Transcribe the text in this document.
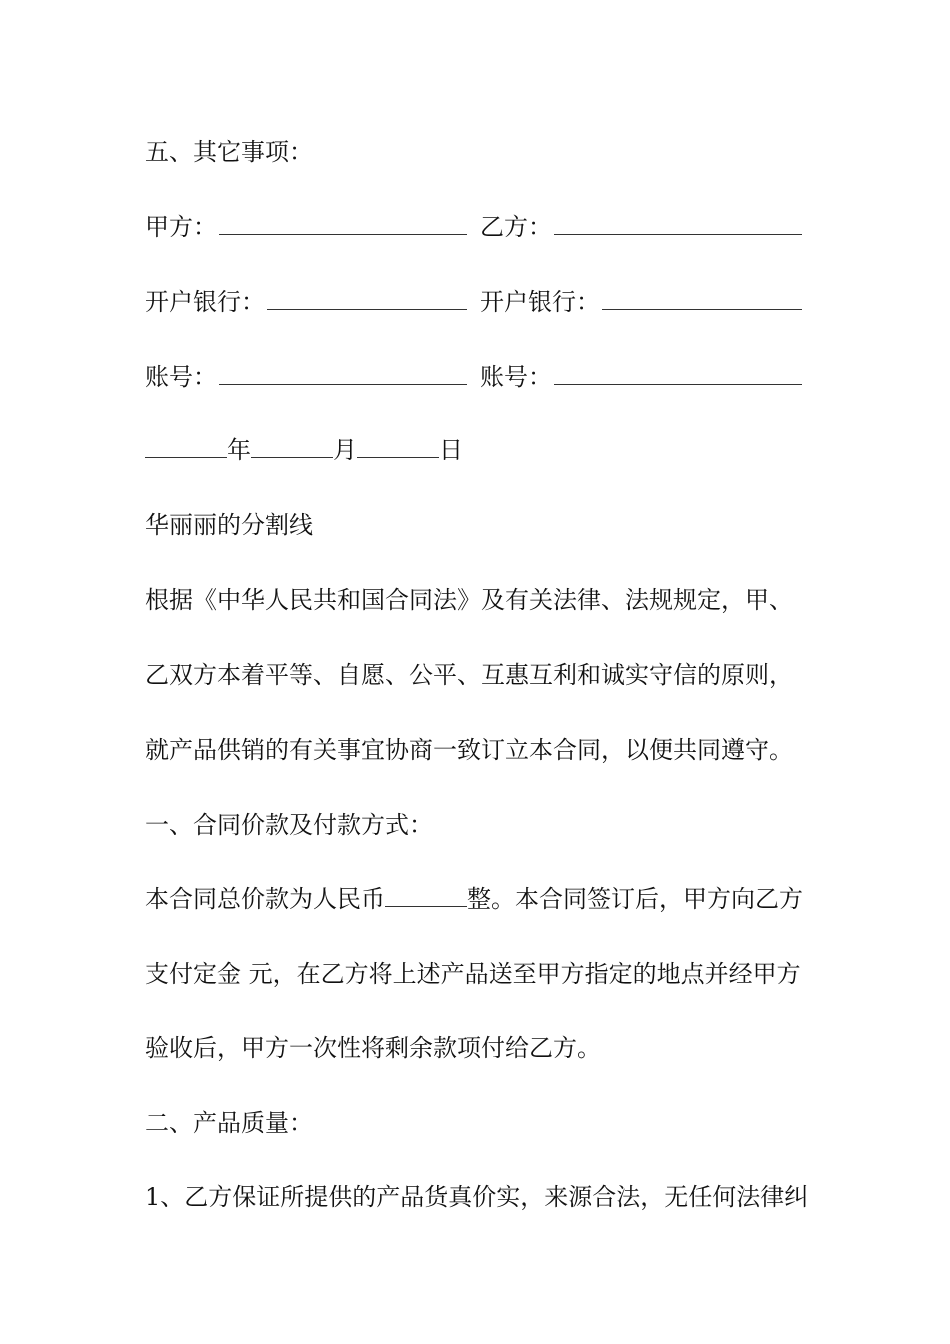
五、其它事项：
甲方：	乙方：
开户银行：	开户银行：
账号：	账号：
年	月	日
华丽丽的分割线
根据《中华人民共和国合同法》及有关法律、法规规定，甲、
乙双方本着平等、自愿、公平、互惠互利和诚实守信的原则，
就产品供销的有关事宜协商一致订立本合同，以便共同遵守。
一、合同价款及付款方式：
本合同总价款为人民币	整。本合同签订后，甲方向乙方
支付定金 元，在乙方将上述产品送至甲方指定的地点并经甲方
验收后，甲方一次性将剩余款项付给乙方。
二、产品质量：
1、乙方保证所提供的产品货真价实，来源合法，无任何法律纠
